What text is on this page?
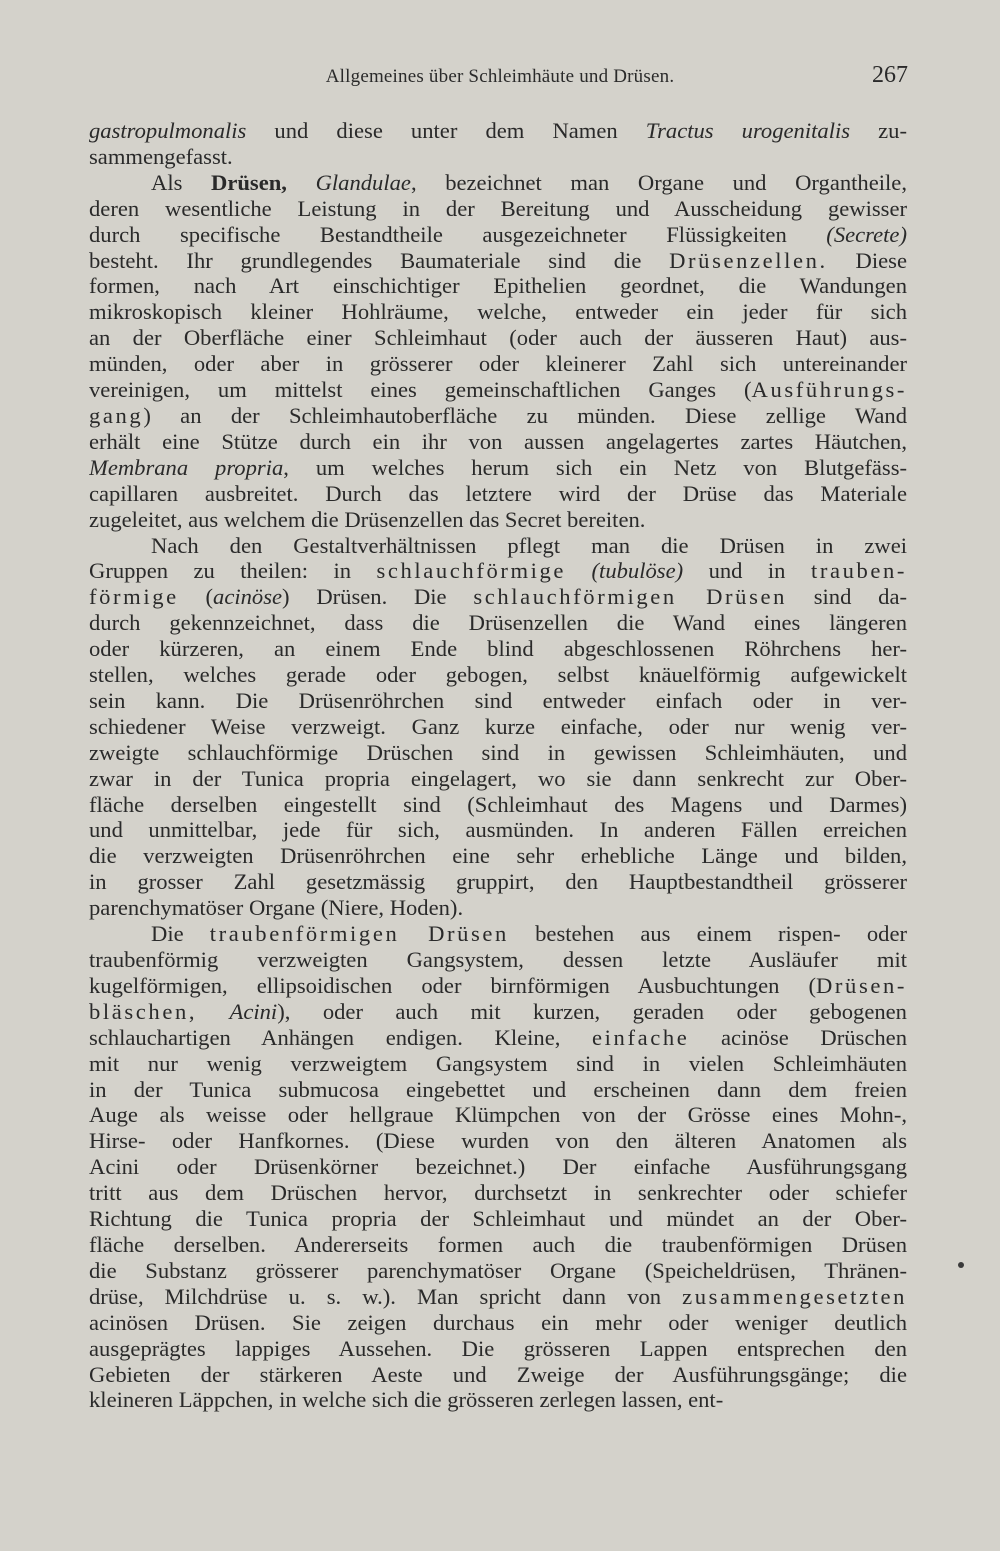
Allgemeines über Schleimhäute und Drüsen.	267
gastropulmonalis und diese unter dem Namen Tractus urogenitalis zu-
sammengefasst.
Als Drüsen, Glandulae, bezeichnet man Organe und Organtheile,
deren wesentliche Leistung in der Bereitung und Ausscheidung gewisser
durch specifische Bestandtheile ausgezeichneter Flüssigkeiten (Secrete)
besteht. Ihr grundlegendes Baumateriale sind die Drüsenzellen. Diese
formen, nach Art einschichtiger Epithelien geordnet, die Wandungen
mikroskopisch kleiner Hohlräume, welche, entweder ein jeder für sich
an der Oberfläche einer Schleimhaut (oder auch der äusseren Haut) aus-
münden, oder aber in grösserer oder kleinerer Zahl sich untereinander
vereinigen, um mittelst eines gemeinschaftlichen Ganges (Ausführungs-
gang) an der Schleimhautoberfläche zu münden. Diese zellige Wand
erhält eine Stütze durch ein ihr von aussen angelagertes zartes Häutchen,
Membrana propria, um welches herum sich ein Netz von Blutgefäss-
capillaren ausbreitet. Durch das letztere wird der Drüse das Materiale
zugeleitet, aus welchem die Drüsenzellen das Secret bereiten.
Nach den Gestaltverhältnissen pflegt man die Drüsen in zwei
Gruppen zu theilen: in schlauchförmige (tubulöse) und in trauben-
förmige (acinöse) Drüsen. Die schlauchförmigen Drüsen sind da-
durch gekennzeichnet, dass die Drüsenzellen die Wand eines längeren
oder kürzeren, an einem Ende blind abgeschlossenen Röhrchens her-
stellen, welches gerade oder gebogen, selbst knäuelförmig aufgewickelt
sein kann. Die Drüsenröhrchen sind entweder einfach oder in ver-
schiedener Weise verzweigt. Ganz kurze einfache, oder nur wenig ver-
zweigte schlauchförmige Drüschen sind in gewissen Schleimhäuten, und
zwar in der Tunica propria eingelagert, wo sie dann senkrecht zur Ober-
fläche derselben eingestellt sind (Schleimhaut des Magens und Darmes)
und unmittelbar, jede für sich, ausmünden. In anderen Fällen erreichen
die verzweigten Drüsenröhrchen eine sehr erhebliche Länge und bilden,
in grosser Zahl gesetzmässig gruppirt, den Hauptbestandtheil grösserer
parenchymatöser Organe (Niere, Hoden).
Die traubenförmigen Drüsen bestehen aus einem rispen- oder
traubenförmig verzweigten Gangsystem, dessen letzte Ausläufer mit
kugelförmigen, ellipsoidischen oder birnförmigen Ausbuchtungen (Drüsen-
bläschen, Acini), oder auch mit kurzen, geraden oder gebogenen
schlauchartigen Anhängen endigen. Kleine, einfache acinöse Drüschen
mit nur wenig verzweigtem Gangsystem sind in vielen Schleimhäuten
in der Tunica submucosa eingebettet und erscheinen dann dem freien
Auge als weisse oder hellgraue Klümpchen von der Grösse eines Mohn-,
Hirse- oder Hanfkornes. (Diese wurden von den älteren Anatomen als
Acini oder Drüsenkörner bezeichnet.) Der einfache Ausführungsgang
tritt aus dem Drüschen hervor, durchsetzt in senkrechter oder schiefer
Richtung die Tunica propria der Schleimhaut und mündet an der Ober-
fläche derselben. Andererseits formen auch die traubenförmigen Drüsen
die Substanz grösserer parenchymatöser Organe (Speicheldrüsen, Thränen-
drüse, Milchdrüse u. s. w.). Man spricht dann von zusammengesetzten
acinösen Drüsen. Sie zeigen durchaus ein mehr oder weniger deutlich
ausgeprägtes lappiges Aussehen. Die grösseren Lappen entsprechen den
Gebieten der stärkeren Aeste und Zweige der Ausführungsgänge; die
kleineren Läppchen, in welche sich die grösseren zerlegen lassen, ent-
